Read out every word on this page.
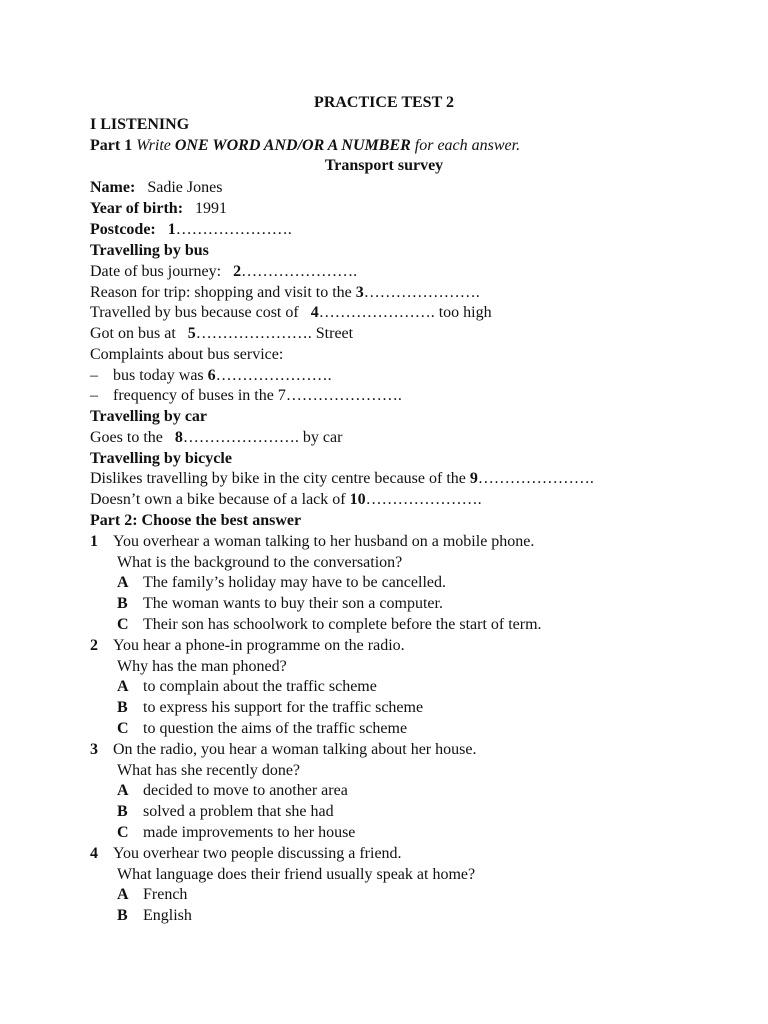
PRACTICE TEST 2
I LISTENING
Part 1 Write ONE WORD AND/OR A NUMBER for each answer.
Transport survey
Name: Sadie Jones
Year of birth: 1991
Postcode: 1………………….
Travelling by bus
Date of bus journey: 2………………….
Reason for trip: shopping and visit to the 3………………….
Travelled by bus because cost of 4…………………. too high
Got on bus at 5…………………. Street
Complaints about bus service:
– bus today was 6………………….
– frequency of buses in the 7………………….
Travelling by car
Goes to the 8…………………. by car
Travelling by bicycle
Dislikes travelling by bike in the city centre because of the 9………………….
Doesn’t own a bike because of a lack of 10………………….
Part 2: Choose the best answer
1 You overhear a woman talking to her husband on a mobile phone.
What is the background to the conversation?
A The family’s holiday may have to be cancelled.
B The woman wants to buy their son a computer.
C Their son has schoolwork to complete before the start of term.
2 You hear a phone-in programme on the radio.
Why has the man phoned?
A to complain about the traffic scheme
B to express his support for the traffic scheme
C to question the aims of the traffic scheme
3 On the radio, you hear a woman talking about her house.
What has she recently done?
A decided to move to another area
B solved a problem that she had
C made improvements to her house
4 You overhear two people discussing a friend.
What language does their friend usually speak at home?
A French
B English
